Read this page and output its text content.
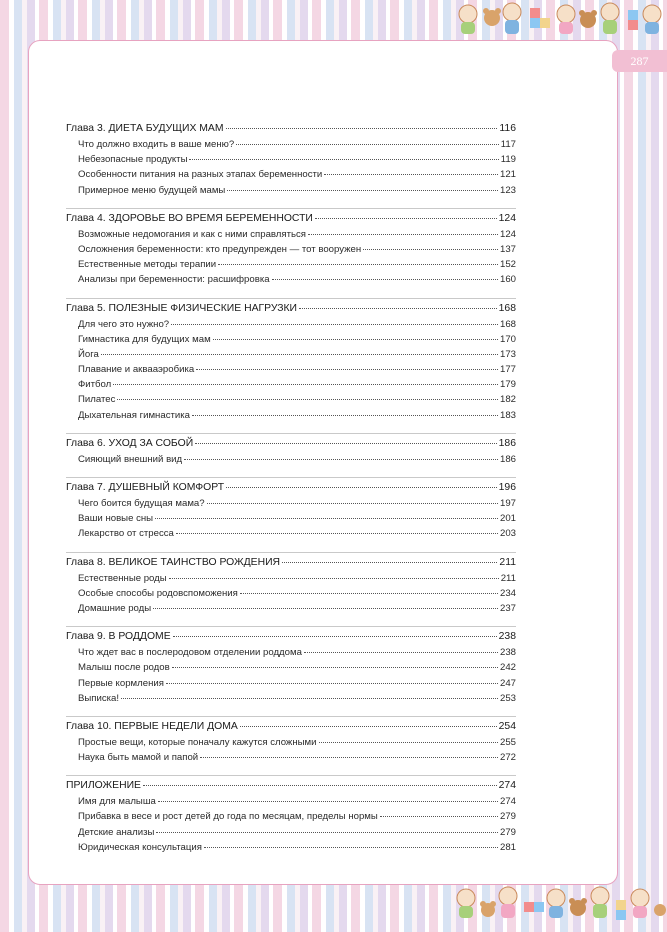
287
Глава 3. ДИЕТА БУДУЩИХ МАМ	116
Что должно входить в ваше меню?	117
Небезопасные продукты	119
Особенности питания на разных этапах беременности	121
Примерное меню будущей мамы	123
Глава 4. ЗДОРОВЬЕ ВО ВРЕМЯ БЕРЕМЕННОСТИ	124
Возможные недомогания и как с ними справляться	124
Осложнения беременности: кто предупрежден — тот вооружен	137
Естественные методы терапии	152
Анализы при беременности: расшифровка	160
Глава 5. ПОЛЕЗНЫЕ ФИЗИЧЕСКИЕ НАГРУЗКИ	168
Для чего это нужно?	168
Гимнастика для будущих мам	170
Йога	173
Плавание и аквааэробика	177
Фитбол	179
Пилатес	182
Дыхательная гимнастика	183
Глава 6. УХОД ЗА СОБОЙ	186
Сияющий внешний вид	186
Глава 7. ДУШЕВНЫЙ КОМФОРТ	196
Чего боится будущая мама?	197
Ваши новые сны	201
Лекарство от стресса	203
Глава 8. ВЕЛИКОЕ ТАИНСТВО РОЖДЕНИЯ	211
Естественные роды	211
Особые способы родовспоможения	234
Домашние роды	237
Глава 9. В РОДДОМЕ	238
Что ждет вас в послеродовом отделении роддома	238
Малыш после родов	242
Первые кормления	247
Выписка!	253
Глава 10. ПЕРВЫЕ НЕДЕЛИ ДОМА	254
Простые вещи, которые поначалу кажутся сложными	255
Наука быть мамой и папой	272
ПРИЛОЖЕНИЕ	274
Имя для малыша	274
Прибавка в весе и рост детей до года по месяцам, пределы нормы	279
Детские анализы	279
Юридическая консультация	281
